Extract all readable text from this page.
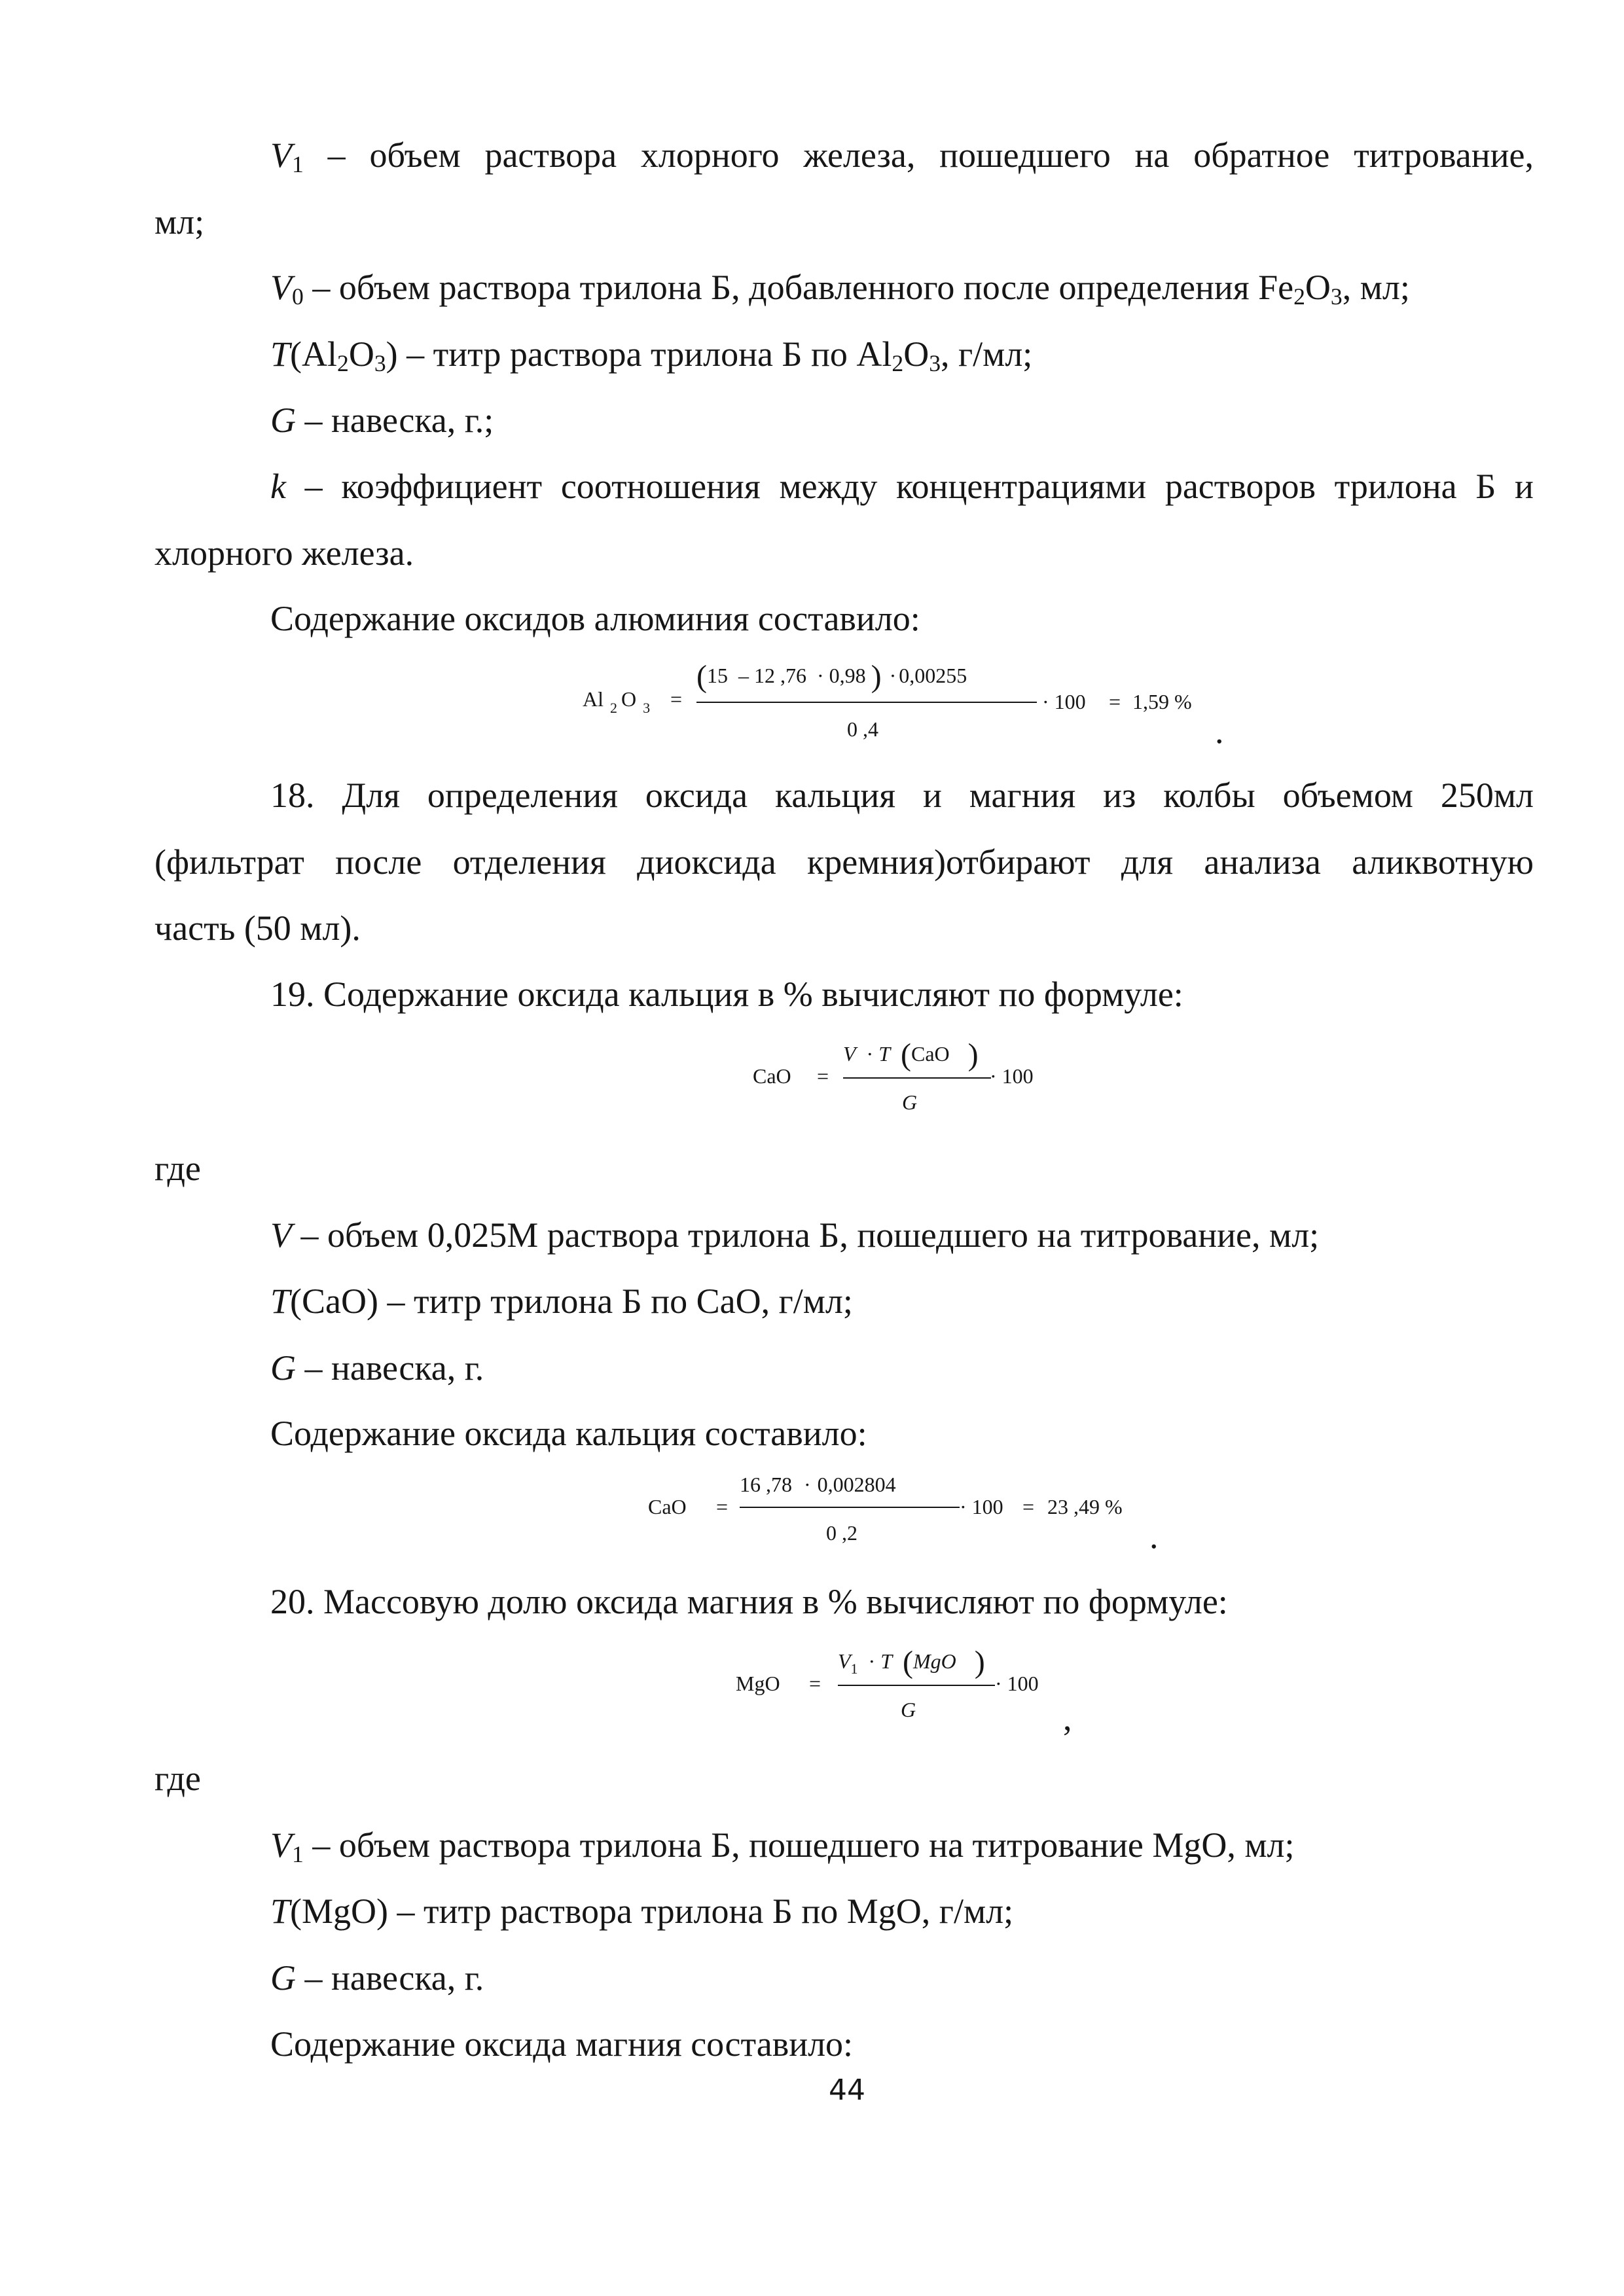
$V_1$ – объем раствора хлорного железа, пошедшего на обратное титрование,
мл;
$V_0$ – объем раствора трилона Б, добавленного после определения $Fe_2O_3$, мл;
$T(Al_2O_3)$ – титр раствора трилона Б по $Al_2O_3$, г/мл;
G – навеска, г.;
k – коэффициент соотношения между концентрациями растворов трилона Б и
хлорного железа.
Содержание оксидов алюминия составило:
Al $_2$ O $_3$ =
(15 – 12 ,76 · 0,98 ) · 0,00255
0 ,4
· 100 = 1,59 %
.
18. Для определения оксида кальция и магния из колбы объемом 250мл
(фильтрат после отделения диоксида кремния)отбирают для анализа аликвотную
часть (50 мл).
19. Содержание оксида кальция в % вычисляют по формуле:
CaO =
V · T (CaO )
G
· 100
где
V – объем 0,025М раствора трилона Б, пошедшего на титрование, мл;
T(CaO) – титр трилона Б по CaO, г/мл;
G – навеска, г.
Содержание оксида кальция составило:
CaO =
16 ,78 · 0,002804
0 ,2
· 100 = 23 ,49 %
.
20. Массовую долю оксида магния в % вычисляют по формуле:
MgO =
$V_1 \cdot T$ (MgO )
G
· 100
,
где
$V_1$ – объем раствора трилона Б, пошедшего на титрование MgO, мл;
T(MgO) – титр раствора трилона Б по MgO, г/мл;
G – навеска, г.
Содержание оксида магния составило:
44
